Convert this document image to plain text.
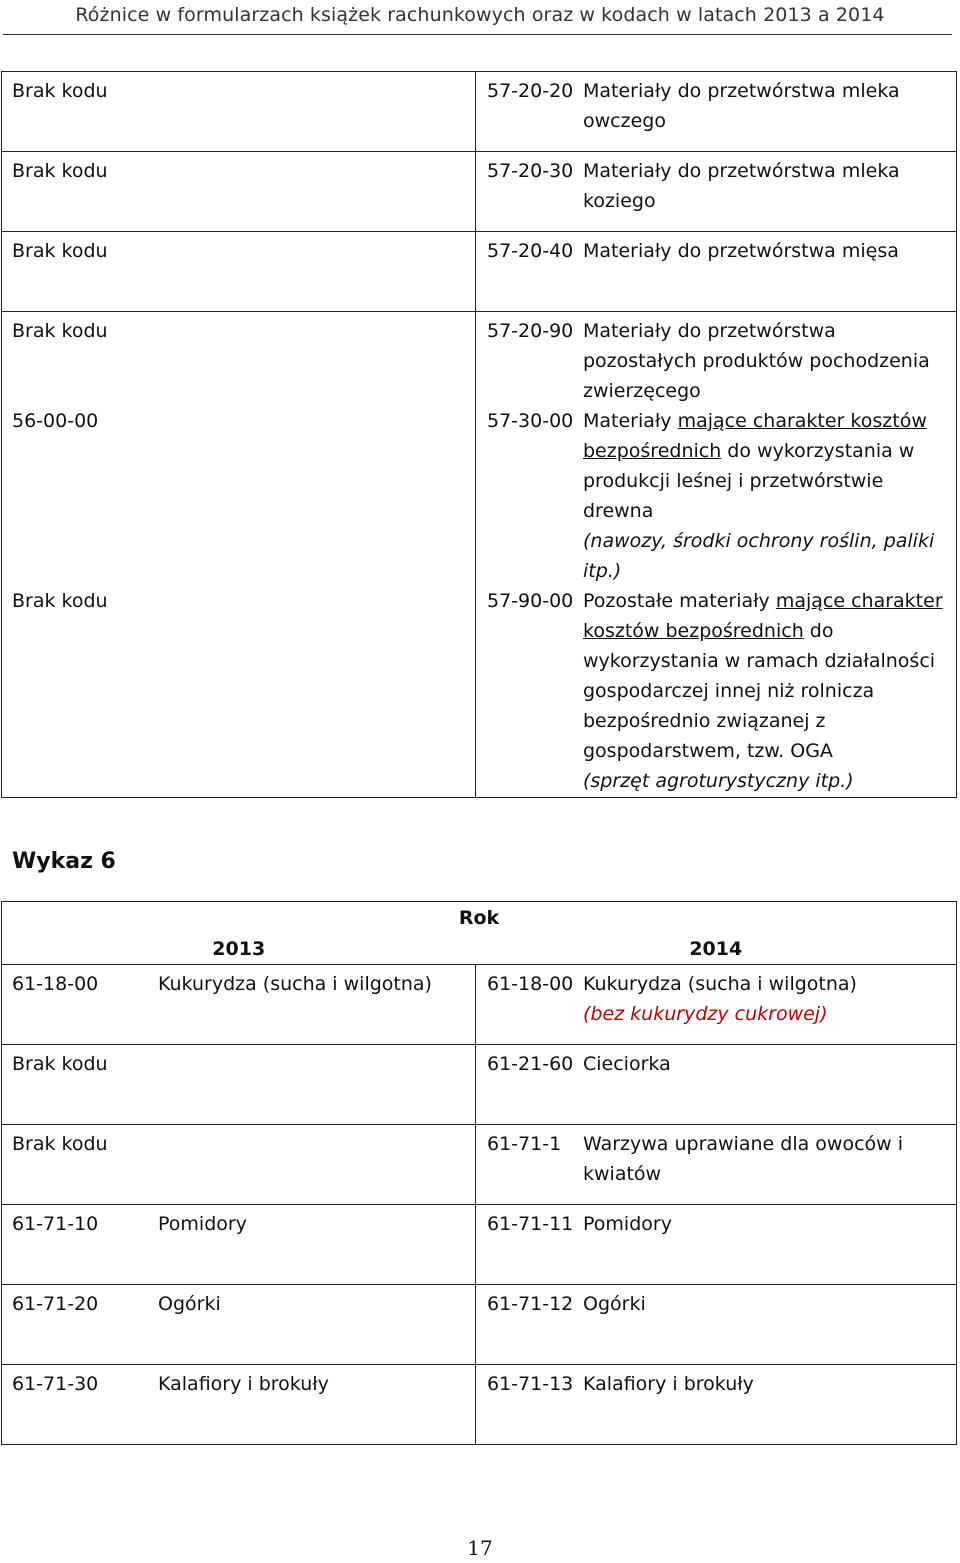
Różnice w formularzach książek rachunkowych oraz w kodach w latach 2013 a 2014
Brak kodu	57-20-20 Materiały do przetwórstwa mleka owczego

Brak kodu	57-20-30 Materiały do przetwórstwa mleka koziego

Brak kodu	57-20-40 Materiały do przetwórstwa mięsa

Brak kodu	57-20-90 Materiały do przetwórstwa pozostałych produktów pochodzenia zwierzęcego

56-00-00	57-30-00 Materiały mające charakter kosztów bezpośrednich do wykorzystania w produkcji leśnej i przetwórstwie drewna
(nawozy, środki ochrony roślin, paliki itp.)

Brak kodu	57-90-00 Pozostałe materiały mające charakter kosztów bezpośrednich do wykorzystania w ramach działalności gospodarczej innej niż rolnicza bezpośrednio związanej z gospodarstwem, tzw. OGA
(sprzęt agroturystyczny itp.)
Wykaz 6
Rok	
2013	2014

61-18-00 Kukurydza (sucha i wilgotna)	61-18-00 Kukurydza (sucha i wilgotna)
(bez kukurydzy cukrowej)

Brak kodu	61-21-60 Cieciorka

Brak kodu	61-71-1 Warzywa uprawiane dla owoców i kwiatów

61-71-10 Pomidory	61-71-11 Pomidory

61-71-20 Ogórki	61-71-12 Ogórki

61-71-30 Kalafiory i brokuły	61-71-13 Kalafiory i brokuły
17
